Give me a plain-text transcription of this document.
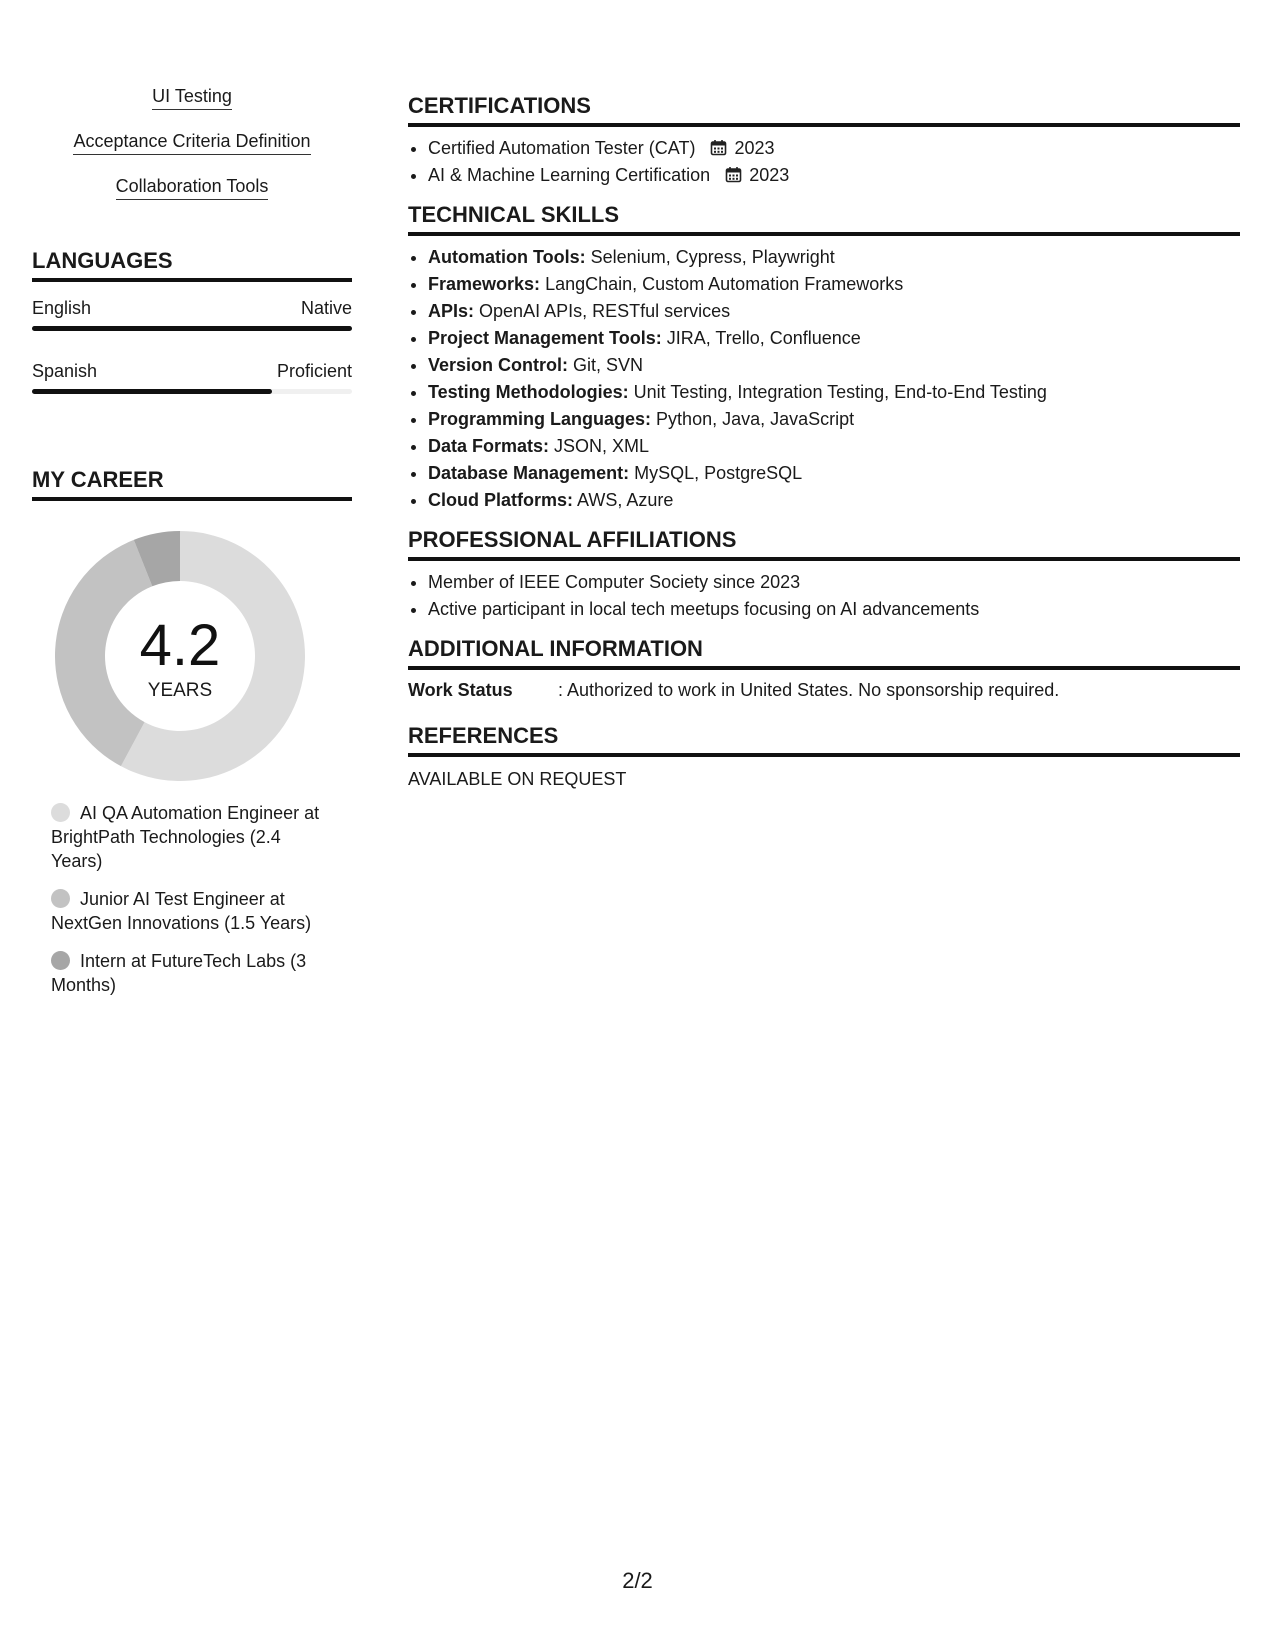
UI Testing
Acceptance Criteria Definition
Collaboration Tools
LANGUAGES
English	Native
Spanish	Proficient
MY CAREER
4.2
YEARS
AI QA Automation Engineer at BrightPath Technologies (2.4 Years)
Junior AI Test Engineer at NextGen Innovations (1.5 Years)
Intern at FutureTech Labs (3 Months)
CERTIFICATIONS
• Certified Automation Tester (CAT) 2023
• AI & Machine Learning Certification 2023
TECHNICAL SKILLS
• Automation Tools: Selenium, Cypress, Playwright
• Frameworks: LangChain, Custom Automation Frameworks
• APIs: OpenAI APIs, RESTful services
• Project Management Tools: JIRA, Trello, Confluence
• Version Control: Git, SVN
• Testing Methodologies: Unit Testing, Integration Testing, End-to-End Testing
• Programming Languages: Python, Java, JavaScript
• Data Formats: JSON, XML
• Database Management: MySQL, PostgreSQL
• Cloud Platforms: AWS, Azure
PROFESSIONAL AFFILIATIONS
• Member of IEEE Computer Society since 2023
• Active participant in local tech meetups focusing on AI advancements
ADDITIONAL INFORMATION
Work Status	: Authorized to work in United States. No sponsorship required.
REFERENCES
AVAILABLE ON REQUEST
2/2
